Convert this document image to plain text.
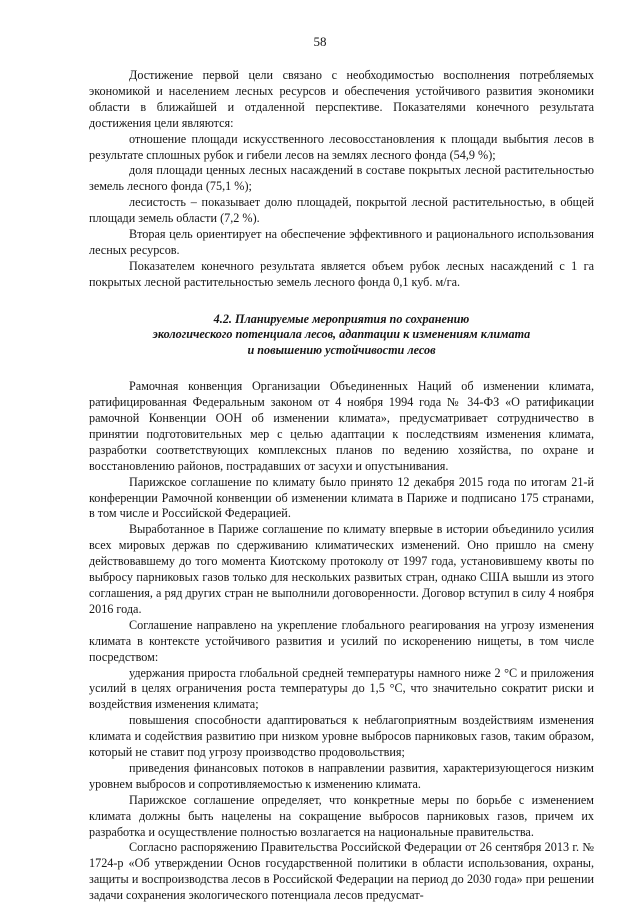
58

Достижение первой цели связано с необходимостью восполнения потребляемых экономикой и населением лесных ресурсов и обеспечения устойчивого развития экономики области в ближайшей и отдаленной перспективе. Показателями конечного результата достижения цели являются:

отношение площади искусственного лесовосстановления к площади выбытия лесов в результате сплошных рубок и гибели лесов на землях лесного фонда (54,9 %);

доля площади ценных лесных насаждений в составе покрытых лесной растительностью земель лесного фонда (75,1 %);

лесистость – показывает долю площадей, покрытой лесной растительностью, в общей площади земель области (7,2 %).

Вторая цель ориентирует на обеспечение эффективного и рационального использования лесных ресурсов.

Показателем конечного результата является объем рубок лесных насаждений с 1 га покрытых лесной растительностью земель лесного фонда 0,1 куб. м/га.

4.2. Планируемые мероприятия по сохранению
экологического потенциала лесов, адаптации к изменениям климата
и повышению устойчивости лесов

Рамочная конвенция Организации Объединенных Наций об изменении климата, ратифицированная Федеральным законом от 4 ноября 1994 года № 34-ФЗ «О ратификации рамочной Конвенции ООН об изменении климата», предусматривает сотрудничество в принятии подготовительных мер с целью адаптации к последствиям изменения климата, разработки соответствующих комплексных планов по ведению хозяйства, по охране и восстановлению районов, пострадавших от засухи и опустынивания.

Парижское соглашение по климату было принято 12 декабря 2015 года по итогам 21-й конференции Рамочной конвенции об изменении климата в Париже и подписано 175 странами, в том числе и Российской Федерацией.

Выработанное в Париже соглашение по климату впервые в истории объединило усилия всех мировых держав по сдерживанию климатических изменений. Оно пришло на смену действовавшему до того момента Киотскому протоколу от 1997 года, установившему квоты по выбросу парниковых газов только для нескольких развитых стран, однако США вышли из этого соглашения, а ряд других стран не выполнили договоренности. Договор вступил в силу 4 ноября 2016 года.

Соглашение направлено на укрепление глобального реагирования на угрозу изменения климата в контексте устойчивого развития и усилий по искоренению нищеты, в том числе посредством:

удержания прироста глобальной средней температуры намного ниже 2 °C и приложения усилий в целях ограничения роста температуры до 1,5 °C, что значительно сократит риски и воздействия изменения климата;

повышения способности адаптироваться к неблагоприятным воздействиям изменения климата и содействия развитию при низком уровне выбросов парниковых газов, таким образом, который не ставит под угрозу производство продовольствия;

приведения финансовых потоков в направлении развития, характеризующегося низким уровнем выбросов и сопротивляемостью к изменению климата.

Парижское соглашение определяет, что конкретные меры по борьбе с изменением климата должны быть нацелены на сокращение выбросов парниковых газов, причем их разработка и осуществление полностью возлагается на национальные правительства.

Согласно распоряжению Правительства Российской Федерации от 26 сентября 2013 г. № 1724-р «Об утверждении Основ государственной политики в области использования, охраны, защиты и воспроизводства лесов в Российской Федерации на период до 2030 года» при решении задачи сохранения экологического потенциала лесов предусмат-
